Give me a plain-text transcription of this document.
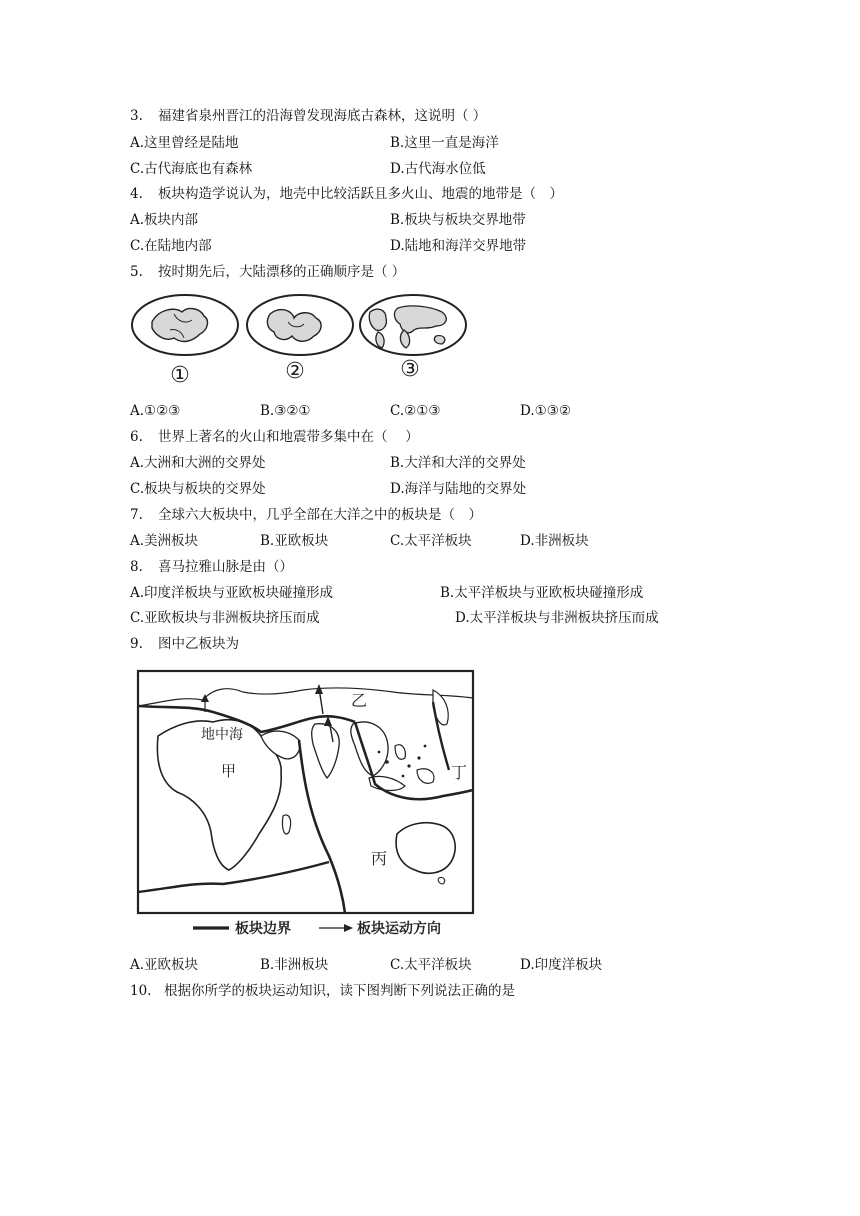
3. 福建省泉州晋江的沿海曾发现海底古森林，这说明（ ）
A.这里曾经是陆地	B.这里一直是海洋
C.古代海底也有森林	D.古代海水位低
4. 板块构造学说认为，地壳中比较活跃且多火山、地震的地带是（　）
A.板块内部	B.板块与板块交界地带
C.在陆地内部	D.陆地和海洋交界地带
5. 按时期先后，大陆漂移的正确顺序是（ ）
①	②	③
A.①②③	B.③②①	C.②①③	D.①③②
6. 世界上著名的火山和地震带多集中在（　 ）
A.大洲和大洲的交界处	B.大洋和大洋的交界处
C.板块与板块的交界处	D.海洋与陆地的交界处
7. 全球六大板块中，几乎全部在大洋之中的板块是（　）
A.美洲板块	B.亚欧板块	C.太平洋板块	D.非洲板块
8. 喜马拉雅山脉是由（）
A.印度洋板块与亚欧板块碰撞形成	B.太平洋板块与亚欧板块碰撞形成
C.亚欧板块与非洲板块挤压而成	D.太平洋板块与非洲板块挤压而成
9. 图中乙板块为
地中海
甲
乙
丙
丁
板块边界	板块运动方向
A.亚欧板块	B.非洲板块	C.太平洋板块	D.印度洋板块
10. 根据你所学的板块运动知识，读下图判断下列说法正确的是
